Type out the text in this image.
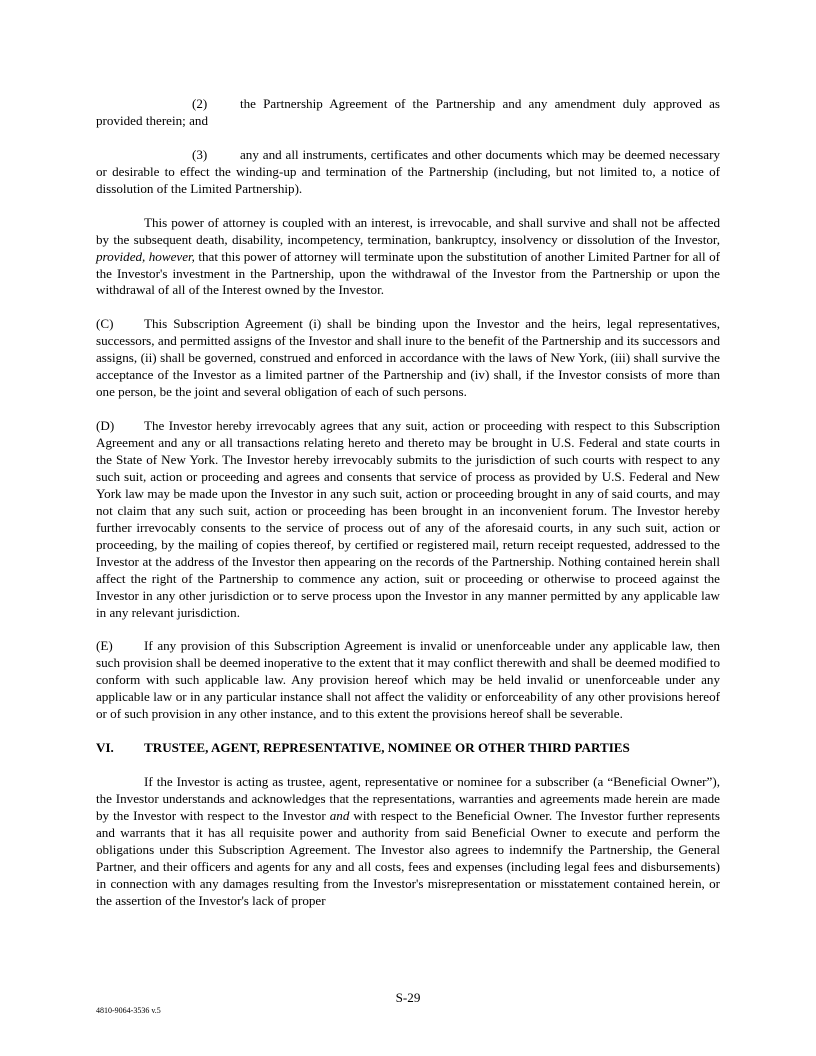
(2) the Partnership Agreement of the Partnership and any amendment duly approved as provided therein; and

(3) any and all instruments, certificates and other documents which may be deemed necessary or desirable to effect the winding-up and termination of the Partnership (including, but not limited to, a notice of dissolution of the Limited Partnership).

This power of attorney is coupled with an interest, is irrevocable, and shall survive and shall not be affected by the subsequent death, disability, incompetency, termination, bankruptcy, insolvency or dissolution of the Investor, provided, however, that this power of attorney will terminate upon the substitution of another Limited Partner for all of the Investor's investment in the Partnership, upon the withdrawal of the Investor from the Partnership or upon the withdrawal of all of the Interest owned by the Investor.

(C) This Subscription Agreement (i) shall be binding upon the Investor and the heirs, legal representatives, successors, and permitted assigns of the Investor and shall inure to the benefit of the Partnership and its successors and assigns, (ii) shall be governed, construed and enforced in accordance with the laws of New York, (iii) shall survive the acceptance of the Investor as a limited partner of the Partnership and (iv) shall, if the Investor consists of more than one person, be the joint and several obligation of each of such persons.

(D) The Investor hereby irrevocably agrees that any suit, action or proceeding with respect to this Subscription Agreement and any or all transactions relating hereto and thereto may be brought in U.S. Federal and state courts in the State of New York. The Investor hereby irrevocably submits to the jurisdiction of such courts with respect to any such suit, action or proceeding and agrees and consents that service of process as provided by U.S. Federal and New York law may be made upon the Investor in any such suit, action or proceeding brought in any of said courts, and may not claim that any such suit, action or proceeding has been brought in an inconvenient forum. The Investor hereby further irrevocably consents to the service of process out of any of the aforesaid courts, in any such suit, action or proceeding, by the mailing of copies thereof, by certified or registered mail, return receipt requested, addressed to the Investor at the address of the Investor then appearing on the records of the Partnership. Nothing contained herein shall affect the right of the Partnership to commence any action, suit or proceeding or otherwise to proceed against the Investor in any other jurisdiction or to serve process upon the Investor in any manner permitted by any applicable law in any relevant jurisdiction.

(E) If any provision of this Subscription Agreement is invalid or unenforceable under any applicable law, then such provision shall be deemed inoperative to the extent that it may conflict therewith and shall be deemed modified to conform with such applicable law. Any provision hereof which may be held invalid or unenforceable under any applicable law or in any particular instance shall not affect the validity or enforceability of any other provisions hereof or of such provision in any other instance, and to this extent the provisions hereof shall be severable.

VI. TRUSTEE, AGENT, REPRESENTATIVE, NOMINEE OR OTHER THIRD PARTIES

If the Investor is acting as trustee, agent, representative or nominee for a subscriber (a “Beneficial Owner”), the Investor understands and acknowledges that the representations, warranties and agreements made herein are made by the Investor with respect to the Investor and with respect to the Beneficial Owner. The Investor further represents and warrants that it has all requisite power and authority from said Beneficial Owner to execute and perform the obligations under this Subscription Agreement. The Investor also agrees to indemnify the Partnership, the General Partner, and their officers and agents for any and all costs, fees and expenses (including legal fees and disbursements) in connection with any damages resulting from the Investor's misrepresentation or misstatement contained herein, or the assertion of the Investor's lack of proper

S-29
4810-9064-3536 v.5
